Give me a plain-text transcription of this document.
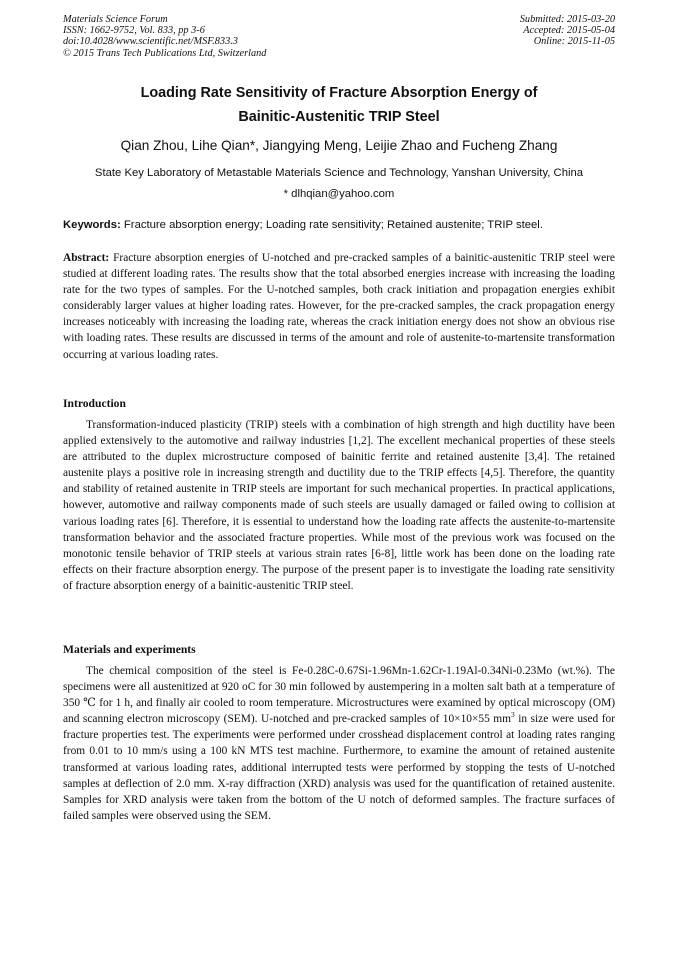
Materials Science Forum
ISSN: 1662-9752, Vol. 833, pp 3-6
doi:10.4028/www.scientific.net/MSF.833.3
© 2015 Trans Tech Publications Ltd, Switzerland
Submitted: 2015-03-20
Accepted: 2015-05-04
Online: 2015-11-05
Loading Rate Sensitivity of Fracture Absorption Energy of
Bainitic-Austenitic TRIP Steel
Qian Zhou, Lihe Qian*, Jiangying Meng, Leijie Zhao and Fucheng Zhang
State Key Laboratory of Metastable Materials Science and Technology, Yanshan University, China
* dlhqian@yahoo.com
Keywords: Fracture absorption energy; Loading rate sensitivity; Retained austenite; TRIP steel.
Abstract: Fracture absorption energies of U-notched and pre-cracked samples of a bainitic-austenitic TRIP steel were studied at different loading rates. The results show that the total absorbed energies increase with increasing the loading rate for the two types of samples. For the U-notched samples, both crack initiation and propagation energies exhibit considerably larger values at higher loading rates. However, for the pre-cracked samples, the crack propagation energy increases noticeably with increasing the loading rate, whereas the crack initiation energy does not show an obvious rise with loading rates. These results are discussed in terms of the amount and role of austenite-to-martensite transformation occurring at various loading rates.
Introduction
Transformation-induced plasticity (TRIP) steels with a combination of high strength and high ductility have been applied extensively to the automotive and railway industries [1,2]. The excellent mechanical properties of these steels are attributed to the duplex microstructure composed of bainitic ferrite and retained austenite [3,4]. The retained austenite plays a positive role in increasing strength and ductility due to the TRIP effects [4,5]. Therefore, the quantity and stability of retained austenite in TRIP steels are important for such mechanical properties. In practical applications, however, automotive and railway components made of such steels are usually damaged or failed owing to collision at various loading rates [6]. Therefore, it is essential to understand how the loading rate affects the austenite-to-martensite transformation behavior and the associated fracture properties. While most of the previous work was focused on the monotonic tensile behavior of TRIP steels at various strain rates [6-8], little work has been done on the loading rate effects on their fracture absorption energy. The purpose of the present paper is to investigate the loading rate sensitivity of fracture absorption energy of a bainitic-austenitic TRIP steel.
Materials and experiments
The chemical composition of the steel is Fe-0.28C-0.67Si-1.96Mn-1.62Cr-1.19Al-0.34Ni-0.23Mo (wt.%). The specimens were all austenitized at 920 oC for 30 min followed by austempering in a molten salt bath at a temperature of 350 ℃ for 1 h, and finally air cooled to room temperature. Microstructures were examined by optical microscopy (OM) and scanning electron microscopy (SEM). U-notched and pre-cracked samples of 10×10×55 $mm^3$ in size were used for fracture properties test. The experiments were performed under crosshead displacement control at loading rates ranging from 0.01 to 10 mm/s using a 100 kN MTS test machine. Furthermore, to examine the amount of retained austenite transformed at various loading rates, additional interrupted tests were performed by stopping the tests of U-notched samples at deflection of 2.0 mm. X-ray diffraction (XRD) analysis was used for the quantification of retained austenite. Samples for XRD analysis were taken from the bottom of the U notch of deformed samples. The fracture surfaces of failed samples were observed using the SEM.
